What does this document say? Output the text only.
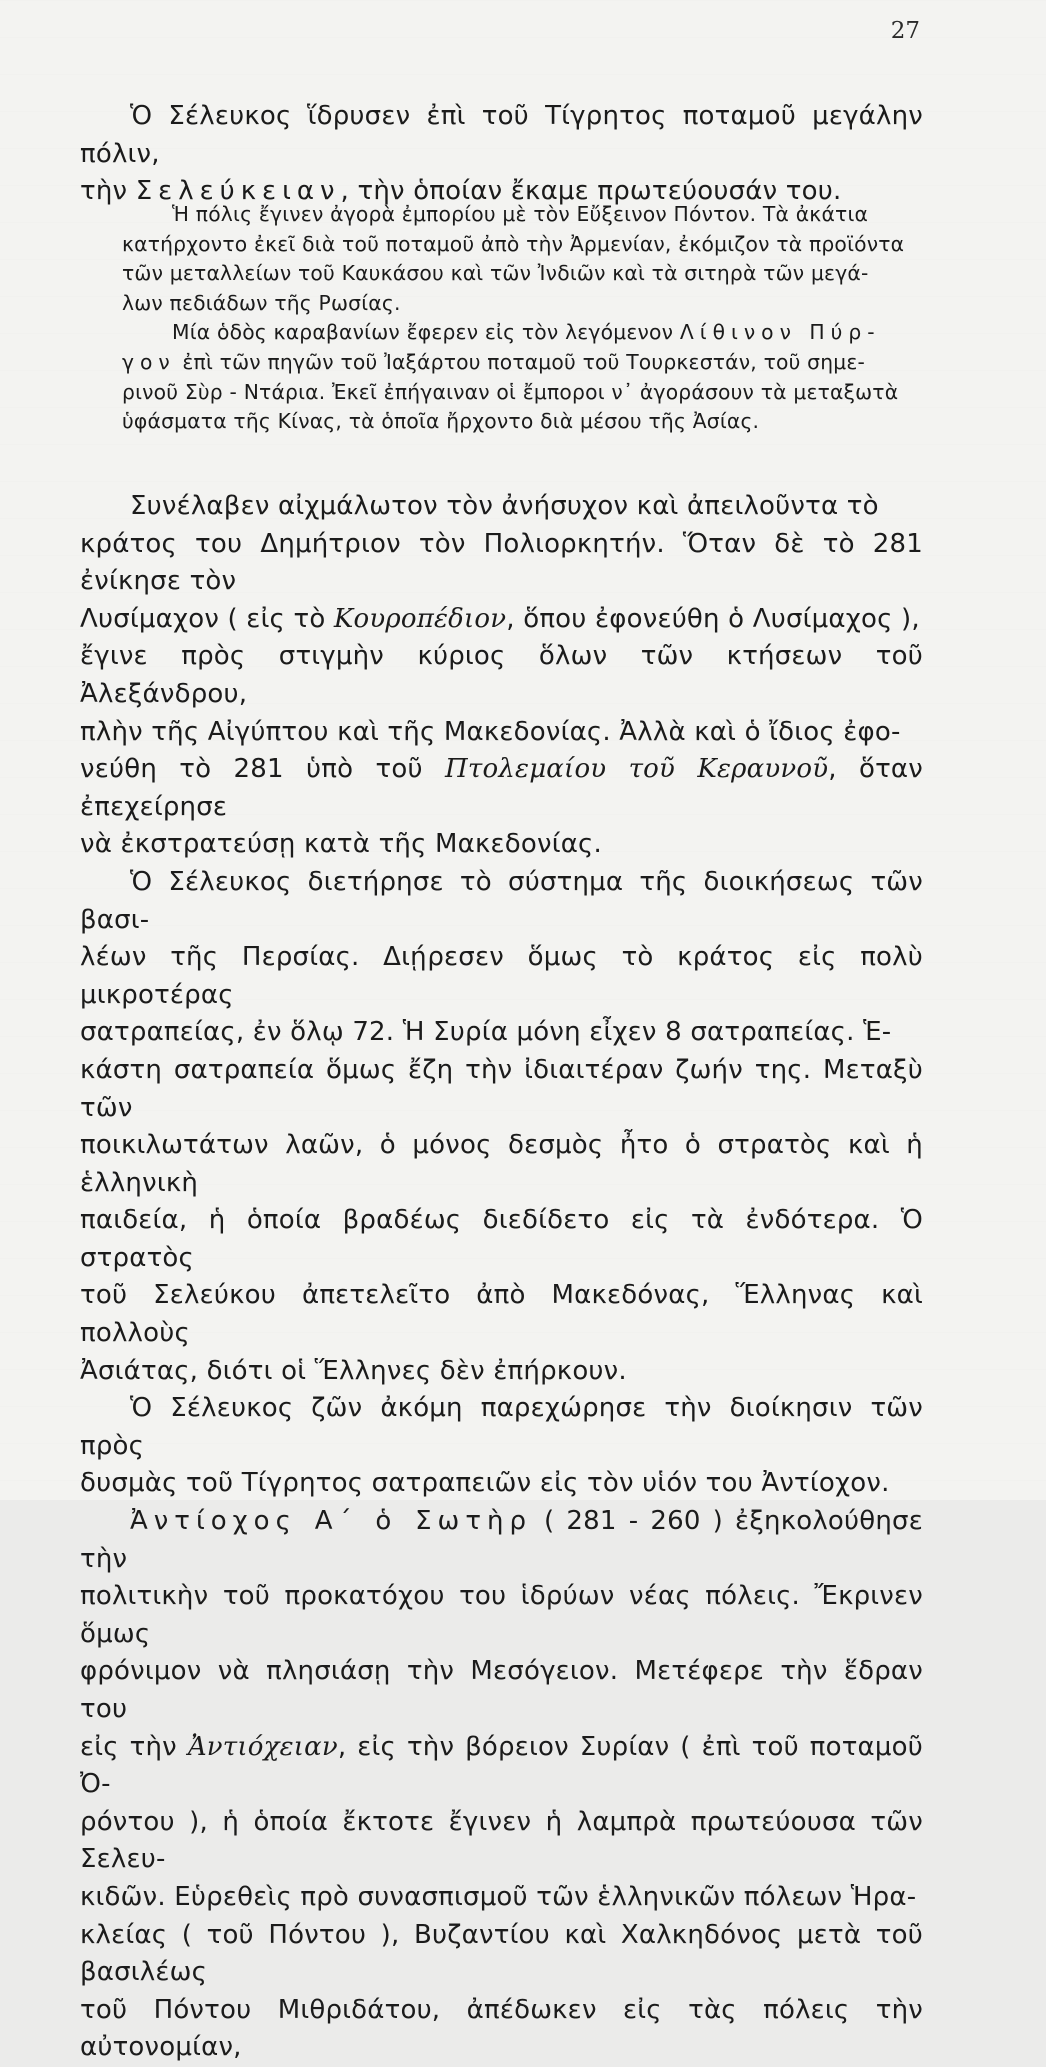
27

Ὁ Σέλευκος ἵδρυσεν ἐπὶ τοῦ Τίγρητος ποταμοῦ μεγάλην πόλιν,

τὴν Σελεύκειαν, τὴν ὁποίαν ἔκαμε πρωτεύουσάν του.

Ἡ πόλις ἔγινεν ἀγορὰ ἐμπορίου μὲ τὸν Εὔξεινον Πόντον. Τὰ ἀκάτια

κατήρχοντο ἐκεῖ διὰ τοῦ ποταμοῦ ἀπὸ τὴν Ἀρμενίαν, ἐκόμιζον τὰ προϊόντα

τῶν μεταλλείων τοῦ Καυκάσου καὶ τῶν Ἰνδιῶν καὶ τὰ σιτηρὰ τῶν μεγά-

λων πεδιάδων τῆς Ρωσίας.

Μία ὁδὸς καραβανίων ἔφερεν εἰς τὸν λεγόμενον Λίθινον Πύρ-

γον ἐπὶ τῶν πηγῶν τοῦ Ἰαξάρτου ποταμοῦ τοῦ Τουρκεστάν, τοῦ σημε-

ρινοῦ Σὺρ - Ντάρια. Ἐκεῖ ἐπήγαιναν οἱ ἔμποροι ν᾿ ἀγοράσουν τὰ μεταξωτὰ

ὑφάσματα τῆς Κίνας, τὰ ὁποῖα ἤρχοντο διὰ μέσου τῆς Ἀσίας.

Συνέλαβεν αἰχμάλωτον τὸν ἀνήσυχον καὶ ἀπειλοῦντα τὸ

κράτος του Δημήτριον τὸν Πολιορκητήν. Ὅταν δὲ τὸ 281 ἐνίκησε τὸν

Λυσίμαχον ( εἰς τὸ Κουροπέδιον, ὅπου ἐφονεύθη ὁ Λυσίμαχος ),

ἔγινε πρὸς στιγμὴν κύριος ὅλων τῶν κτήσεων τοῦ Ἀλεξάνδρου,

πλὴν τῆς Αἰγύπτου καὶ τῆς Μακεδονίας. Ἀλλὰ καὶ ὁ ἴδιος ἐφο-

νεύθη τὸ 281 ὑπὸ τοῦ Πτολεμαίου τοῦ Κεραυνοῦ, ὅταν ἐπεχείρησε

νὰ ἐκστρατεύσῃ κατὰ τῆς Μακεδονίας.

Ὁ Σέλευκος διετήρησε τὸ σύστημα τῆς διοικήσεως τῶν βασι-

λέων τῆς Περσίας. Διῄρεσεν ὅμως τὸ κράτος εἰς πολὺ μικροτέρας

σατραπείας, ἐν ὅλῳ 72. Ἡ Συρία μόνη εἶχεν 8 σατραπείας. Ἑ-

κάστη σατραπεία ὅμως ἔζη τὴν ἰδιαιτέραν ζωήν της. Μεταξὺ τῶν

ποικιλωτάτων λαῶν, ὁ μόνος δεσμὸς ἦτο ὁ στρατὸς καὶ ἡ ἑλληνικὴ

παιδεία, ἡ ὁποία βραδέως διεδίδετο εἰς τὰ ἐνδότερα. Ὁ στρατὸς

τοῦ Σελεύκου ἀπετελεῖτο ἀπὸ Μακεδόνας, Ἕλληνας καὶ πολλοὺς

Ἀσιάτας, διότι οἱ Ἕλληνες δὲν ἐπήρκουν.

Ὁ Σέλευκος ζῶν ἀκόμη παρεχώρησε τὴν διοίκησιν τῶν πρὸς

δυσμὰς τοῦ Τίγρητος σατραπειῶν εἰς τὸν υἱόν του Ἀντίοχον.

Ἀντίοχος Α΄ ὁ Σωτὴρ ( 281 - 260 ) ἐξηκολούθησε τὴν

πολιτικὴν τοῦ προκατόχου του ἱδρύων νέας πόλεις. Ἔκρινεν ὅμως

φρόνιμον νὰ πλησιάσῃ τὴν Μεσόγειον. Μετέφερε τὴν ἕδραν του

εἰς τὴν Ἀντιόχειαν, εἰς τὴν βόρειον Συρίαν ( ἐπὶ τοῦ ποταμοῦ Ὀ-

ρόντου ), ἡ ὁποία ἔκτοτε ἔγινεν ἡ λαμπρὰ πρωτεύουσα τῶν Σελευ-

κιδῶν. Εὑρεθεὶς πρὸ συνασπισμοῦ τῶν ἑλληνικῶν πόλεων Ἡρα-

κλείας ( τοῦ Πόντου ), Βυζαντίου καὶ Χαλκηδόνος μετὰ τοῦ βασιλέως

τοῦ Πόντου Μιθριδάτου, ἀπέδωκεν εἰς τὰς πόλεις τὴν αὐτονομίαν,
